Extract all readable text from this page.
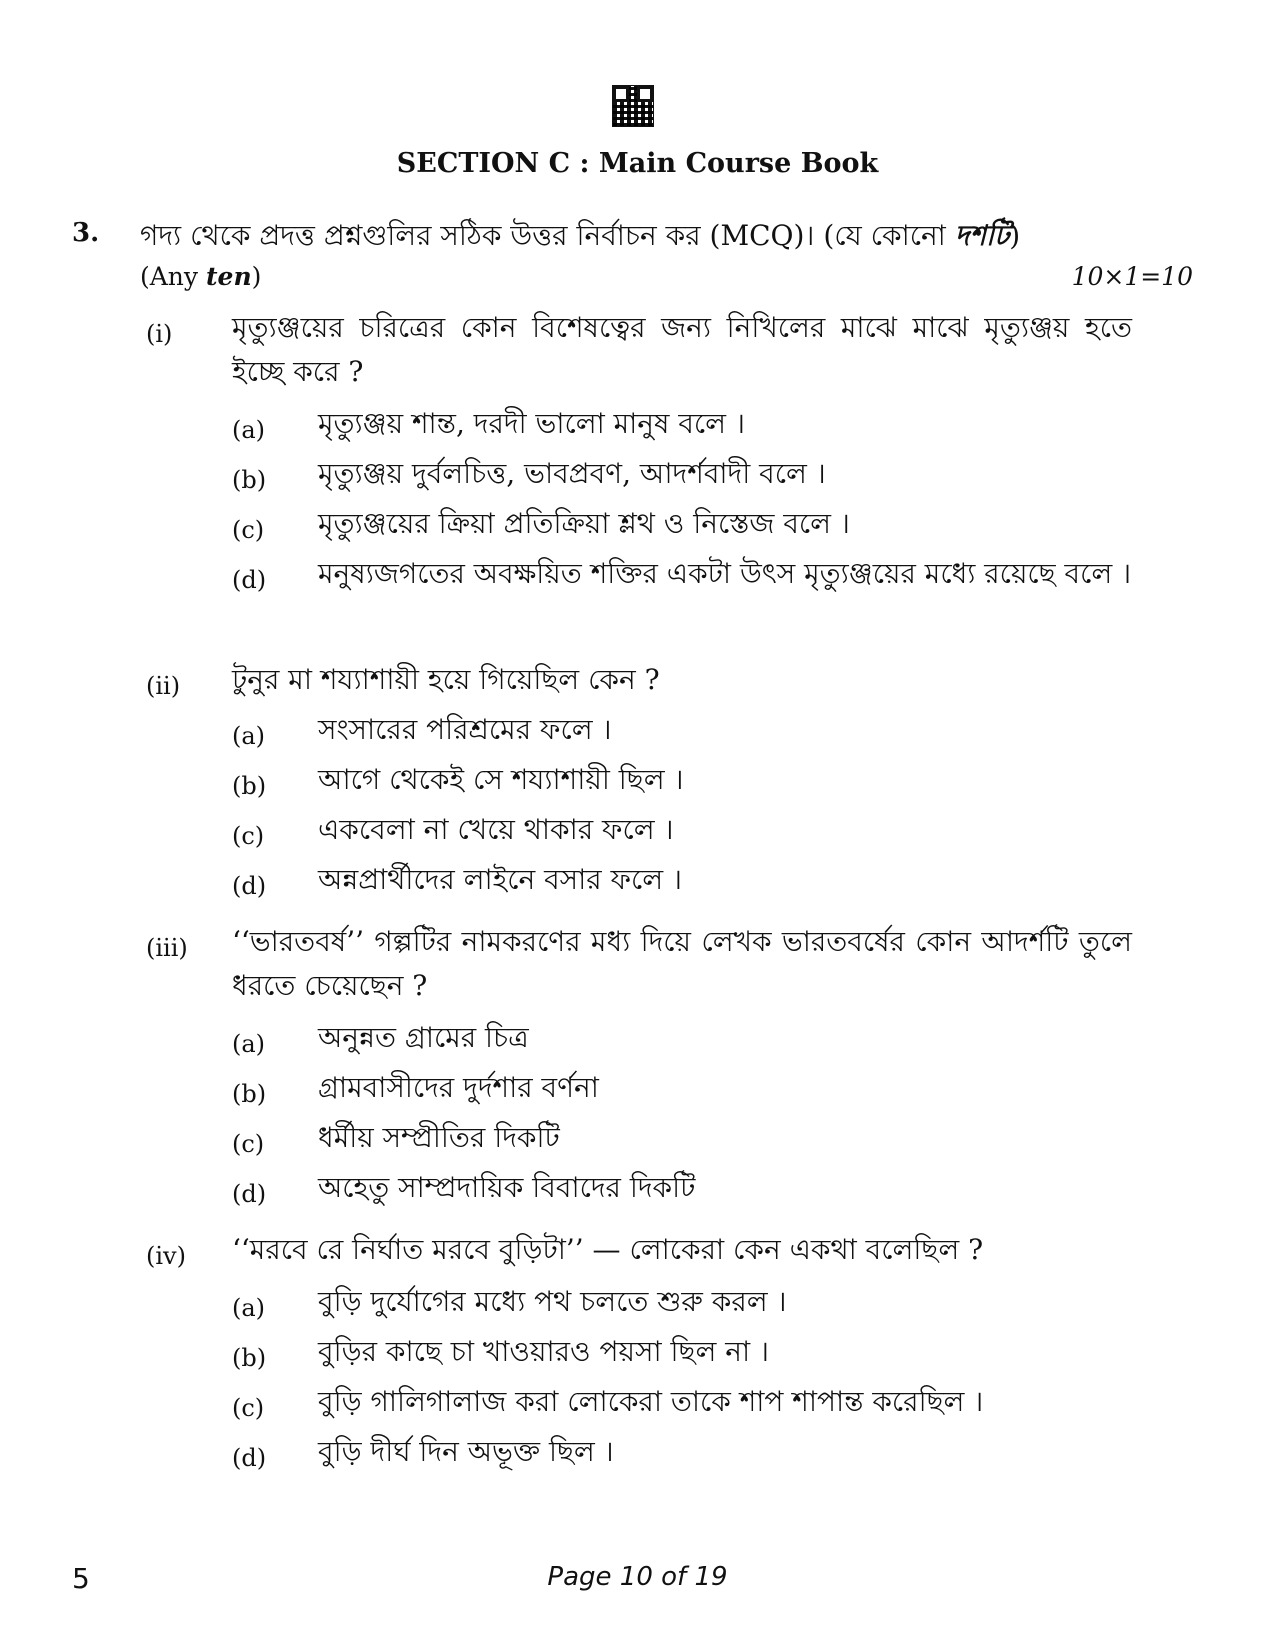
SECTION C : Main Course Book
3. গদ্য থেকে প্রদত্ত প্রশ্নগুলির সঠিক উত্তর নির্বাচন কর (MCQ)। (যে কোনো দশটি)
(Any ten)	10×1=10
(i) মৃত্যুঞ্জয়ের চরিত্রের কোন বিশেষত্বের জন্য নিখিলের মাঝে মাঝে মৃত্যুঞ্জয় হতে ইচ্ছে করে ?
(a) মৃত্যুঞ্জয় শান্ত, দরদী ভালো মানুষ বলে ।
(b) মৃত্যুঞ্জয় দুর্বলচিত্ত, ভাবপ্রবণ, আদর্শবাদী বলে ।
(c) মৃত্যুঞ্জয়ের ক্রিয়া প্রতিক্রিয়া শ্লথ ও নিস্তেজ বলে ।
(d) মনুষ্যজগতের অবক্ষয়িত শক্তির একটা উৎস মৃত্যুঞ্জয়ের মধ্যে রয়েছে বলে ।
(ii) টুনুর মা শয্যাশায়ী হয়ে গিয়েছিল কেন ?
(a) সংসারের পরিশ্রমের ফলে ।
(b) আগে থেকেই সে শয্যাশায়ী ছিল ।
(c) একবেলা না খেয়ে থাকার ফলে ।
(d) অন্নপ্রার্থীদের লাইনে বসার ফলে ।
(iii) ‘‘ভারতবর্ষ’’ গল্পটির নামকরণের মধ্য দিয়ে লেখক ভারতবর্ষের কোন আদর্শটি তুলে ধরতে চেয়েছেন ?
(a) অনুন্নত গ্রামের চিত্র
(b) গ্রামবাসীদের দুর্দশার বর্ণনা
(c) ধর্মীয় সম্প্রীতির দিকটি
(d) অহেতু সাম্প্রদায়িক বিবাদের দিকটি
(iv) ‘‘মরবে রে নির্ঘাত মরবে বুড়িটা’’ — লোকেরা কেন একথা বলেছিল ?
(a) বুড়ি দুর্যোগের মধ্যে পথ চলতে শুরু করল ।
(b) বুড়ির কাছে চা খাওয়ারও পয়সা ছিল না ।
(c) বুড়ি গালিগালাজ করা লোকেরা তাকে শাপ শাপান্ত করেছিল ।
(d) বুড়ি দীর্ঘ দিন অভূক্ত ছিল ।
5	Page 10 of 19
